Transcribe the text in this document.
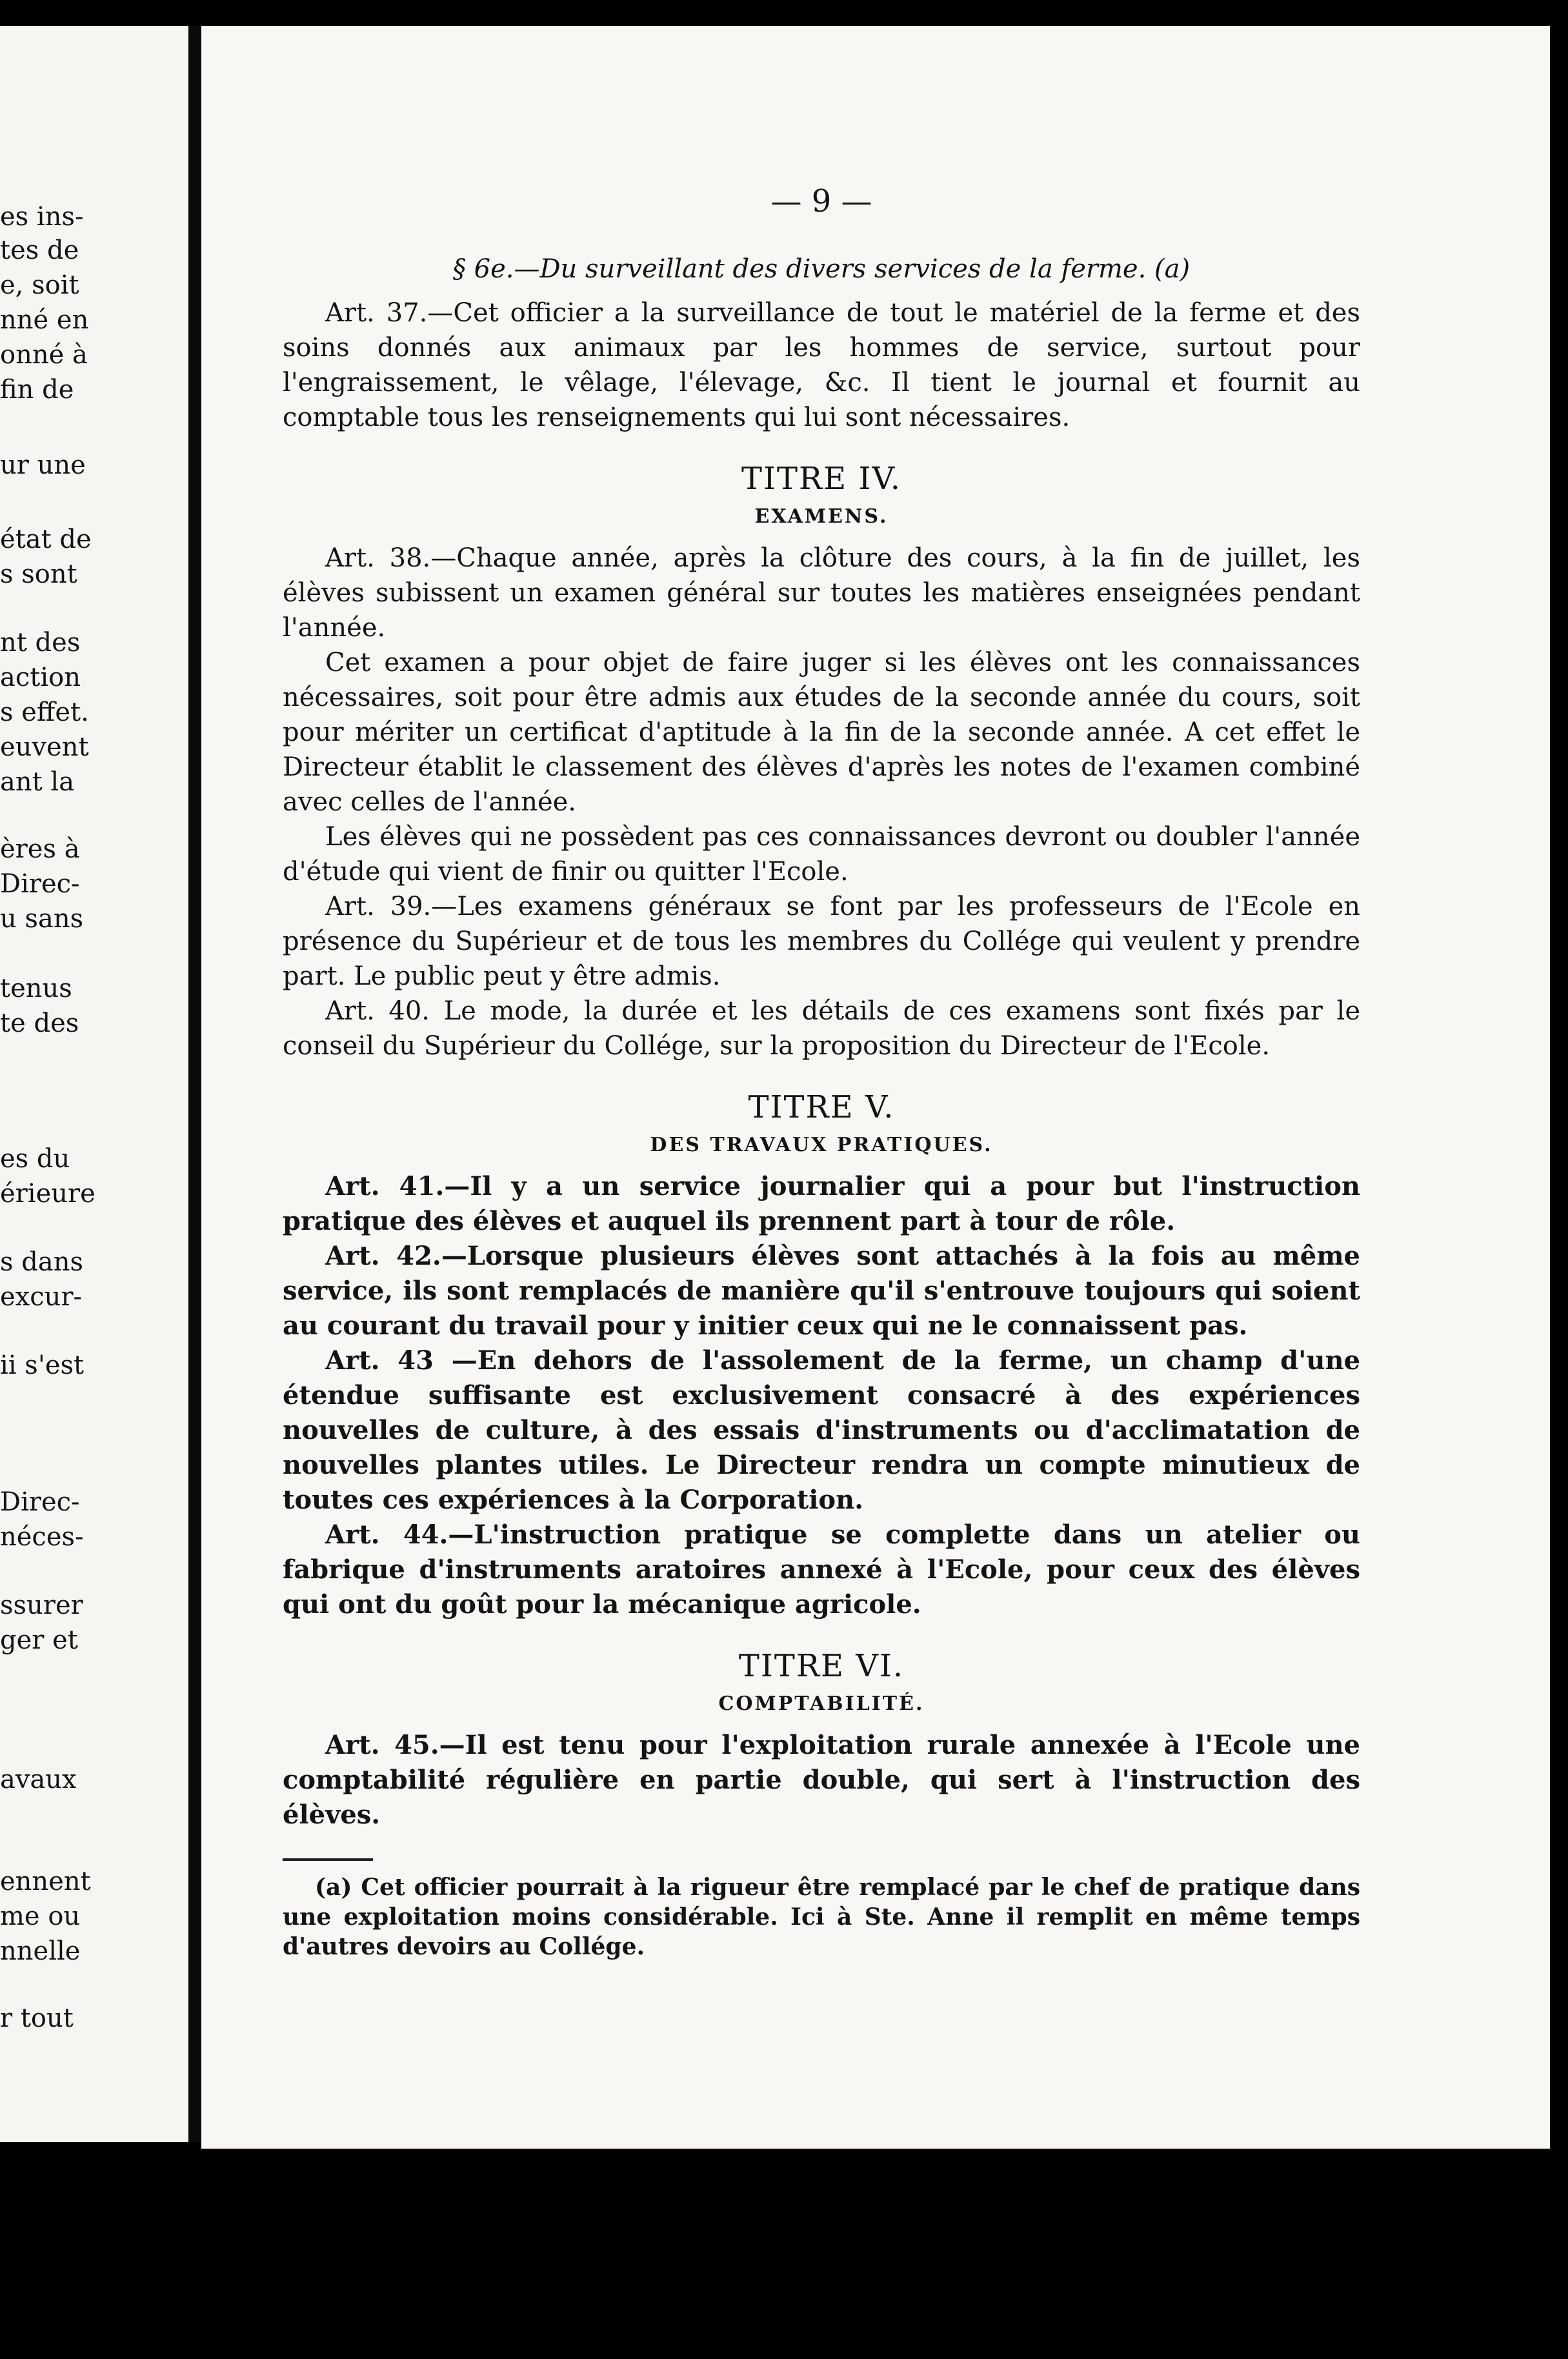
es ins-
tes de
e, soit
nné en
onné à
fin de
ur une
état de
s sont
nt des
action
s effet.
euvent
ant la
ères à
Direc-
u sans
tenus
te des
es du
érieure
s dans
excur-
ii s'est
Direc-
néces-
ssurer
ger et
avaux
ennent
me ou
nnelle
r tout
— 9 —

§ 6e.—Du surveillant des divers services de la ferme. (a)

Art. 37.—Cet officier a la surveillance de tout le matériel de la ferme et des soins donnés aux animaux par les hommes de service, surtout pour l'engraissement, le vêlage, l'élevage, &c. Il tient le journal et fournit au comptable tous les renseignements qui lui sont nécessaires.

TITRE IV.

EXAMENS.

Art. 38.—Chaque année, après la clôture des cours, à la fin de juillet, les élèves subissent un examen général sur toutes les matières enseignées pendant l'année.

Cet examen a pour objet de faire juger si les élèves ont les connaissances nécessaires, soit pour être admis aux études de la seconde année du cours, soit pour mériter un certificat d'aptitude à la fin de la seconde année. A cet effet le Directeur établit le classement des élèves d'après les notes de l'examen combiné avec celles de l'année.

Les élèves qui ne possèdent pas ces connaissances devront ou doubler l'année d'étude qui vient de finir ou quitter l'Ecole.

Art. 39.—Les examens généraux se font par les professeurs de l'Ecole en présence du Supérieur et de tous les membres du Collége qui veulent y prendre part. Le public peut y être admis.

Art. 40. Le mode, la durée et les détails de ces examens sont fixés par le conseil du Supérieur du Collége, sur la proposition du Directeur de l'Ecole.

TITRE V.

DES TRAVAUX PRATIQUES.

Art. 41.—Il y a un service journalier qui a pour but l'instruction pratique des élèves et auquel ils prennent part à tour de rôle.

Art. 42.—Lorsque plusieurs élèves sont attachés à la fois au même service, ils sont remplacés de manière qu'il s'entrouve toujours qui soient au courant du travail pour y initier ceux qui ne le connaissent pas.

Art. 43 —En dehors de l'assolement de la ferme, un champ d'une étendue suffisante est exclusivement consacré à des expériences nouvelles de culture, à des essais d'instruments ou d'acclimatation de nouvelles plantes utiles. Le Directeur rendra un compte minutieux de toutes ces expériences à la Corporation.

Art. 44.—L'instruction pratique se complette dans un atelier ou fabrique d'instruments aratoires annexé à l'Ecole, pour ceux des élèves qui ont du goût pour la mécanique agricole.

TITRE VI.

COMPTABILITÉ.

Art. 45.—Il est tenu pour l'exploitation rurale annexée à l'Ecole une comptabilité régulière en partie double, qui sert à l'instruction des élèves.

(a) Cet officier pourrait à la rigueur être remplacé par le chef de pratique dans une exploitation moins considérable. Ici à Ste. Anne il remplit en même temps d'autres devoirs au Collége.
